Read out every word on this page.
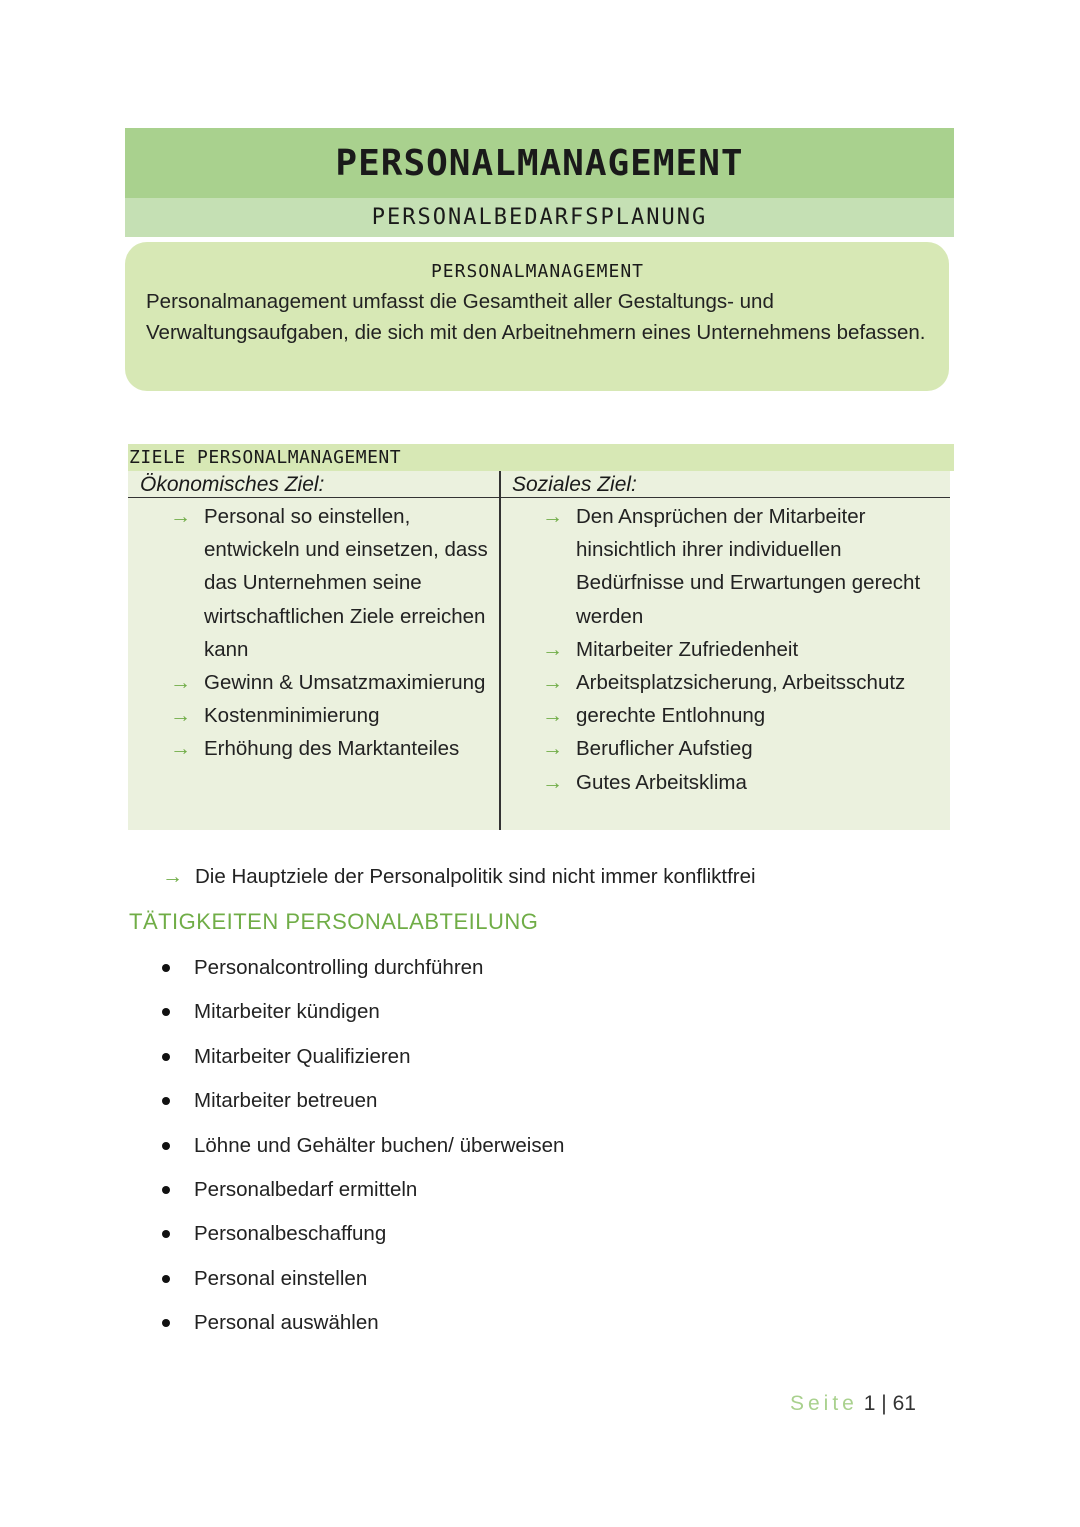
PERSONALMANAGEMENT
PERSONALBEDARFSPLANUNG
PERSONALMANAGEMENT
Personalmanagement umfasst die Gesamtheit aller Gestaltungs- und Verwaltungsaufgaben, die sich mit den Arbeitnehmern eines Unternehmens befassen.
ZIELE PERSONALMANAGEMENT
Ökonomisches Ziel:	Soziales Ziel:
→ Personal so einstellen, entwickeln und einsetzen, dass das Unternehmen seine wirtschaftlichen Ziele erreichen kann
→ Gewinn & Umsatzmaximierung
→ Kostenminimierung
→ Erhöhung des Marktanteiles
→ Den Ansprüchen der Mitarbeiter hinsichtlich ihrer individuellen Bedürfnisse und Erwartungen gerecht werden
→ Mitarbeiter Zufriedenheit
→ Arbeitsplatzsicherung, Arbeitsschutz
→ gerechte Entlohnung
→ Beruflicher Aufstieg
→ Gutes Arbeitsklima
→ Die Hauptziele der Personalpolitik sind nicht immer konfliktfrei
TÄTIGKEITEN PERSONALABTEILUNG
Personalcontrolling durchführen
Mitarbeiter kündigen
Mitarbeiter Qualifizieren
Mitarbeiter betreuen
Löhne und Gehälter buchen/ überweisen
Personalbedarf ermitteln
Personalbeschaffung
Personal einstellen
Personal auswählen
Seite 1 | 61
